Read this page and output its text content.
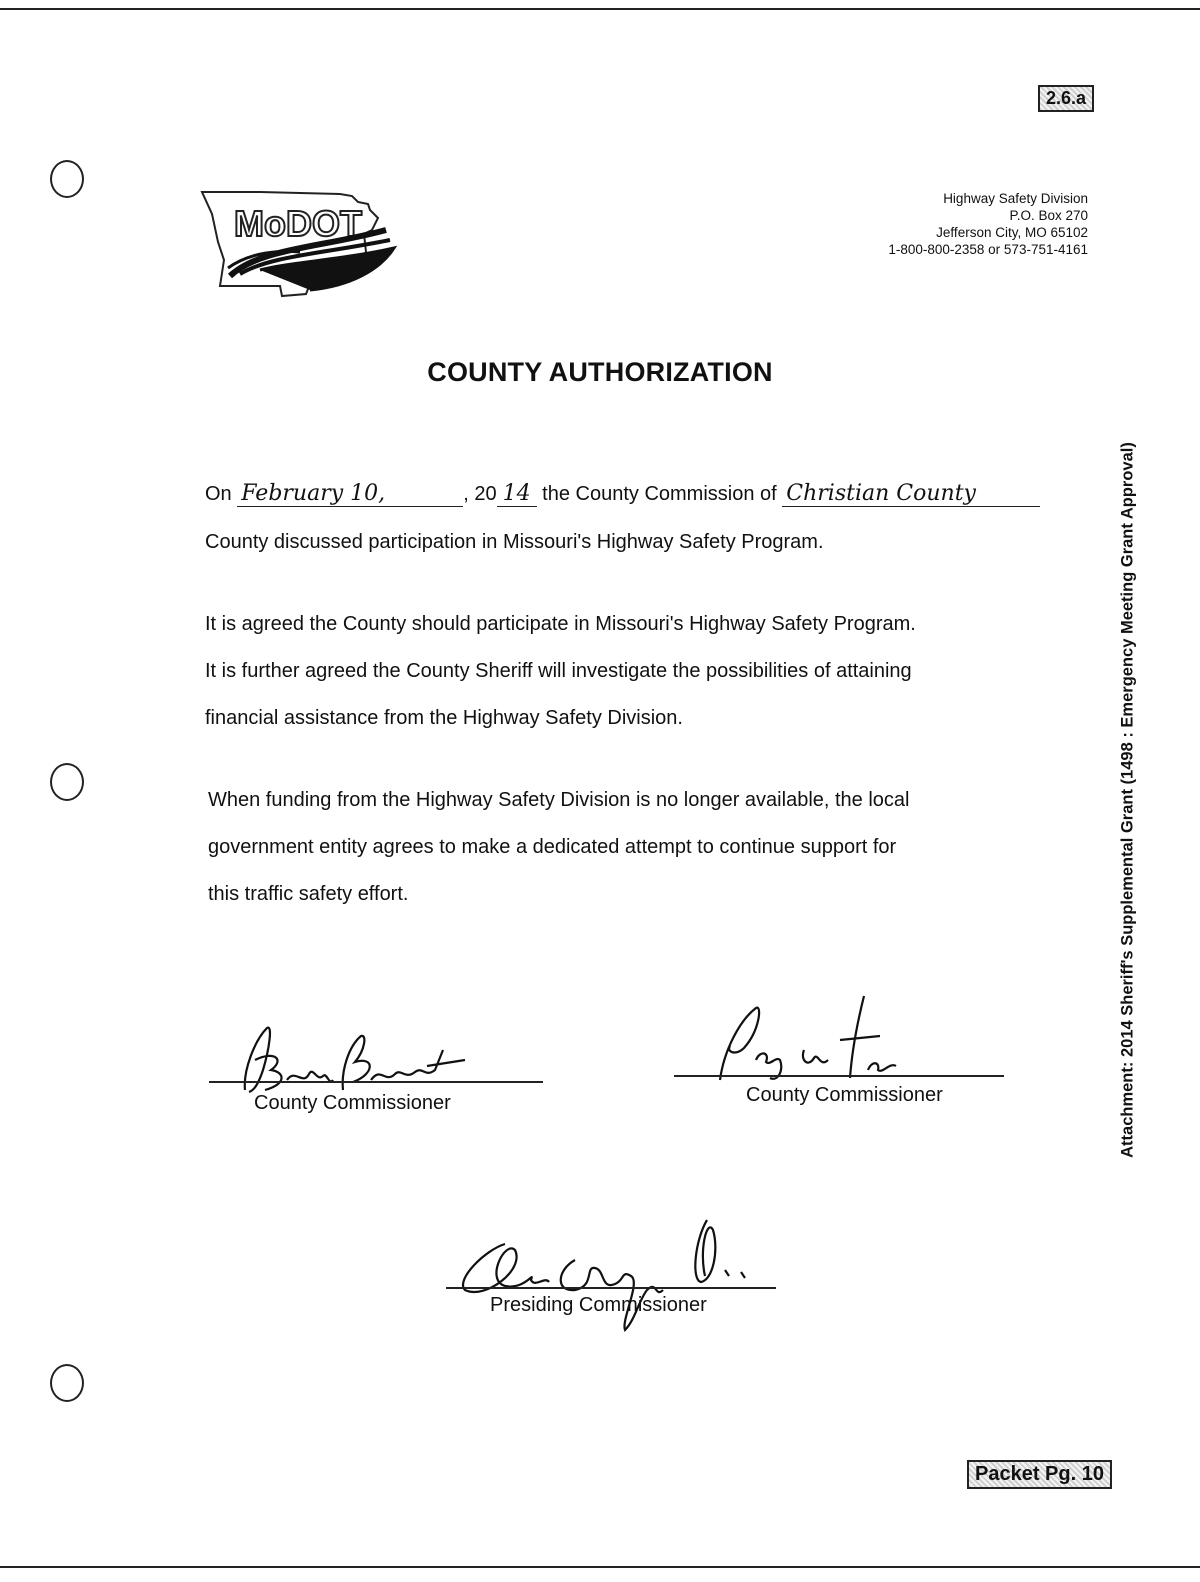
2.6.a
MoDOT
Highway Safety Division
P.O. Box 270
Jefferson City, MO 65102
1-800-800-2358 or 573-751-4161
COUNTY AUTHORIZATION
On February 10,	, 20 14 the County Commission of Christian County
County discussed participation in Missouri's Highway Safety Program.
It is agreed the County should participate in Missouri's Highway Safety Program.
It is further agreed the County Sheriff will investigate the possibilities of attaining
financial assistance from the Highway Safety Division.
When funding from the Highway Safety Division is no longer available, the local
government entity agrees to make a dedicated attempt to continue support for
this traffic safety effort.
County Commissioner	County Commissioner
Presiding Commissioner
Attachment: 2014 Sheriff's Supplemental Grant (1498 : Emergency Meeting Grant Approval)
Packet Pg. 10
